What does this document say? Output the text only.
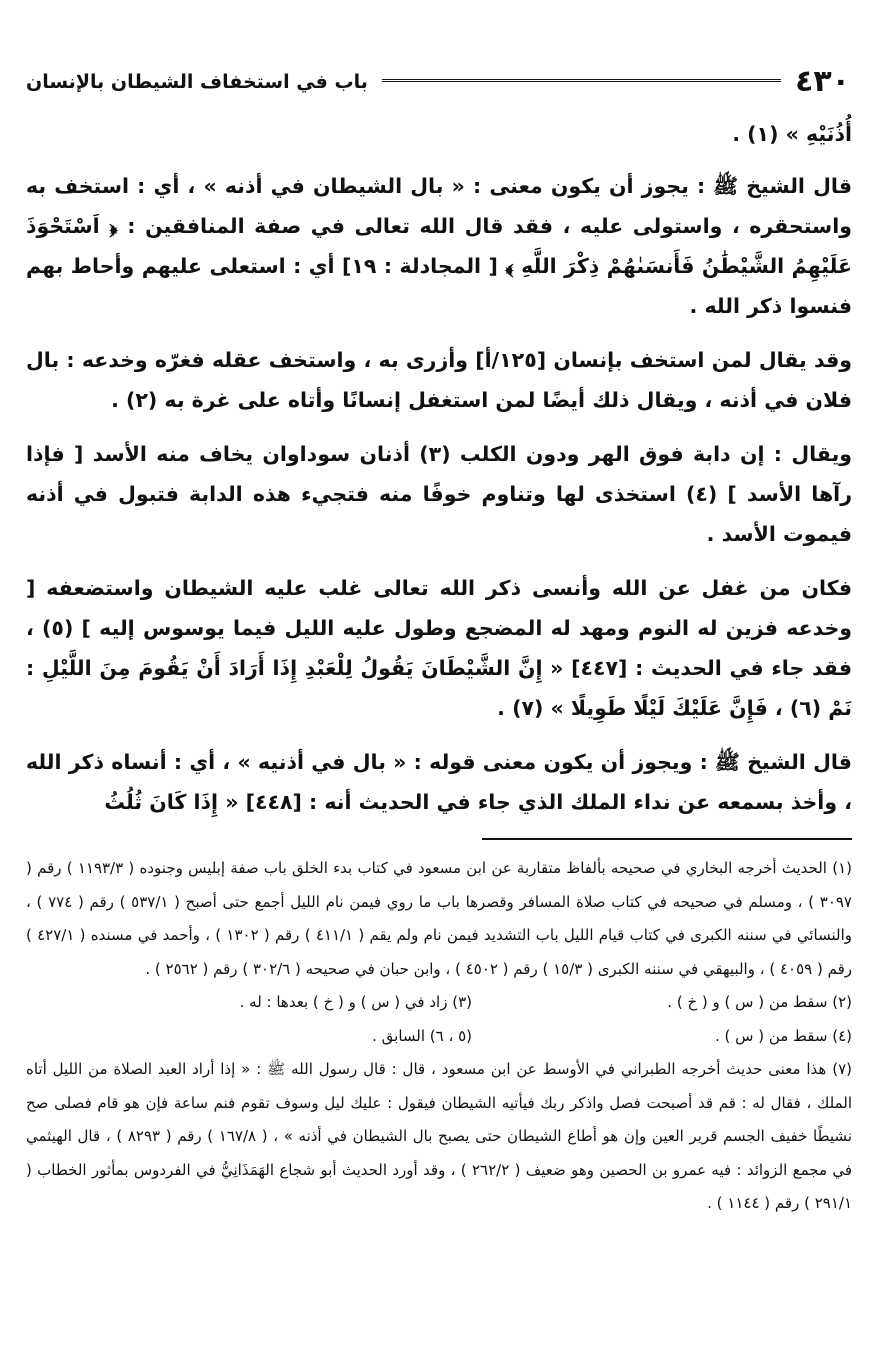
٤٣٠
باب في استخفاف الشيطان بالإنسان

أُذُنَيْهِ » (١) .

قال الشيخ ﷺ : يجوز أن يكون معنى : « بال الشيطان في أذنه » ، أي : استخف به واستحقره ، واستولى عليه ، فقد قال الله تعالى في صفة المنافقين : ﴿ اَسْتَحْوَذَ عَلَيْهِمُ الشَّيْطَٰنُ فَأَنسَىٰهُمْ ذِكْرَ اللَّهِ ﴾ [ المجادلة : ١٩] أي : استعلى عليهم وأحاط بهم فنسوا ذكر الله .

وقد يقال لمن استخف بإنسان [١٢٥/أ] وأزرى به ، واستخف عقله فغرّه وخدعه : بال فلان في أذنه ، ويقال ذلك أيضًا لمن استغفل إنسانًا وأتاه على غرة به (٢) .

ويقال : إن دابة فوق الهر ودون الكلب (٣) أذنان سوداوان يخاف منه الأسد [ فإذا رآها الأسد ] (٤) استخذى لها وتناوم خوفًا منه فتجيء هذه الدابة فتبول في أذنه فيموت الأسد .

فكان من غفل عن الله وأنسى ذكر الله تعالى غلب عليه الشيطان واستضعفه [ وخدعه فزين له النوم ومهد له المضجع وطول عليه الليل فيما يوسوس إليه ] (٥) ، فقد جاء في الحديث : [٤٤٧] « إِنَّ الشَّيْطَانَ يَقُولُ لِلْعَبْدِ إِذَا أَرَادَ أَنْ يَقُومَ مِنَ اللَّيْلِ : نَمْ (٦) ، فَإِنَّ عَلَيْكَ لَيْلًا طَوِيلًا » (٧) .

قال الشيخ ﷺ : ويجوز أن يكون معنى قوله : « بال في أذنيه » ، أي : أنساه ذكر الله ، وأخذ بسمعه عن نداء الملك الذي جاء في الحديث أنه : [٤٤٨] « إِذَا كَانَ ثُلُثُ

(١) الحديث أخرجه البخاري في صحيحه بألفاظ متقاربة عن ابن مسعود في كتاب بدء الخلق باب صفة إبليس وجنوده ( ١١٩٣/٣ ) رقم ( ٣٠٩٧ ) ، ومسلم في صحيحه في كتاب صلاة المسافر وقصرها باب ما روي فيمن نام الليل أجمع حتى أصبح ( ٥٣٧/١ ) رقم ( ٧٧٤ ) ، والنسائي في سننه الكبرى في كتاب قيام الليل باب التشديد فيمن نام ولم يقم ( ٤١١/١ ) رقم ( ١٣٠٢ ) ، وأحمد في مسنده ( ٤٢٧/١ ) رقم ( ٤٠٥٩ ) ، والبيهقي في سننه الكبرى ( ١٥/٣ ) رقم ( ٤٥٠٢ ) ، وابن حبان في صحيحه ( ٣٠٢/٦ ) رقم ( ٢٥٦٢ ) .

(٢) سقط من ( س ) و ( خ ) .
(٣) زاد في ( س ) و ( خ ) بعدها : له .
(٤) سقط من ( س ) .
(٥ ، ٦) السابق .

(٧) هذا معنى حديث أخرجه الطبراني في الأوسط عن ابن مسعود ، قال : قال رسول الله ﷺ : « إذا أراد العبد الصلاة من الليل أتاه الملك ، فقال له : قم قد أصبحت فصل واذكر ربك فيأتيه الشيطان فيقول : عليك ليل وسوف تقوم فنم ساعة فإن هو قام فصلى صح نشيطًا خفيف الجسم قرير العين وإن هو أطاع الشيطان حتى يصبح بال الشيطان في أذنه » ، ( ١٦٧/٨ ) رقم ( ٨٢٩٣ ) ، قال الهيثمي في مجمع الزوائد : فيه عمرو بن الحصين وهو ضعيف ( ٢٦٢/٢ ) ، وقد أورد الحديث أبو شجاع الهَمَذَانِيُّ في الفردوس بمأثور الخطاب ( ٢٩١/١ ) رقم ( ١١٤٤ ) .
